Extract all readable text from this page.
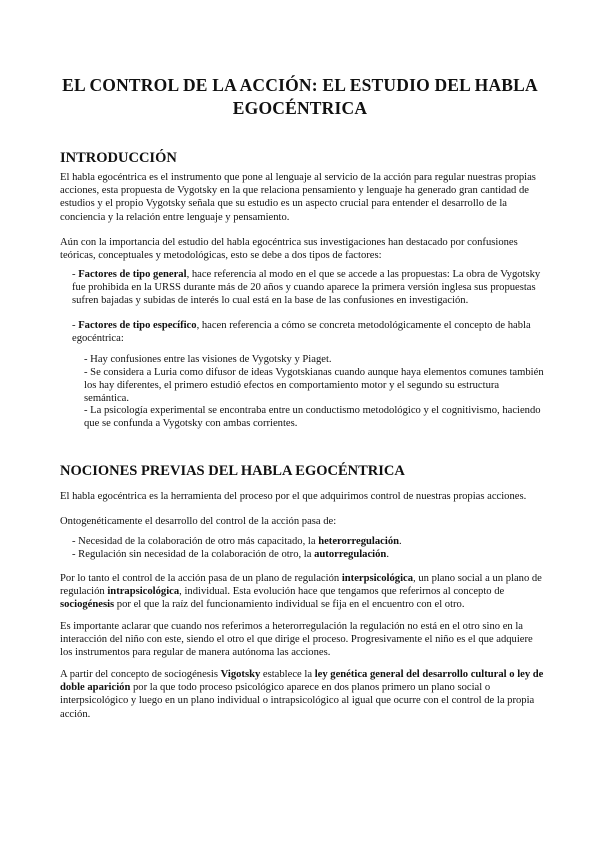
EL CONTROL DE LA ACCIÓN: EL ESTUDIO DEL HABLA EGOCÉNTRICA
INTRODUCCIÓN

El habla egocéntrica es el instrumento que pone al lenguaje al servicio de la acción para regular nuestras propias acciones, esta propuesta de Vygotsky en la que relaciona pensamiento y lenguaje ha generado gran cantidad de estudios y el propio Vygotsky señala que su estudio es un aspecto crucial para entender el desarrollo de la conciencia y la relación entre lenguaje y pensamiento.

Aún con la importancia del estudio del habla egocéntrica sus investigaciones han destacado por confusiones teóricas, conceptuales y metodológicas, esto se debe a dos tipos de factores:

- Factores de tipo general, hace referencia al modo en el que se accede a las propuestas: La obra de Vygotsky fue prohibida en la URSS durante más de 20 años y cuando aparece la primera versión inglesa sus propuestas sufren bajadas y subidas de interés lo cual está en la base de las confusiones en investigación.

- Factores de tipo específico, hacen referencia a cómo se concreta metodológicamente el concepto de habla egocéntrica:

- Hay confusiones entre las visiones de Vygotsky y Piaget.

- Se considera a Luria como difusor de ideas Vygotskianas cuando aunque haya elementos comunes también los hay diferentes, el primero estudió efectos en comportamiento motor y el segundo su estructura semántica.

- La psicología experimental se encontraba entre un conductismo metodológico y el cognitivismo, haciendo que se confunda a Vygotsky con ambas corrientes.

NOCIONES PREVIAS DEL HABLA EGOCÉNTRICA

El habla egocéntrica es la herramienta del proceso por el que adquirimos control de nuestras propias acciones.

Ontogenéticamente el desarrollo del control de la acción pasa de:

- Necesidad de la colaboración de otro más capacitado, la heterorregulación.

- Regulación sin necesidad de la colaboración de otro, la autorregulación.

Por lo tanto el control de la acción pasa de un plano de regulación interpsicológica, un plano social a un plano de regulación intrapsicológica, individual. Esta evolución hace que tengamos que referirnos al concepto de sociogénesis por el que la raíz del funcionamiento individual se fija en el encuentro con el otro.

Es importante aclarar que cuando nos referimos a heterorregulación la regulación no está en el otro sino en la interacción del niño con este, siendo el otro el que dirige el proceso. Progresivamente el niño es el que adquiere los instrumentos para regular de manera autónoma las acciones.

A partir del concepto de sociogénesis Vigotsky establece la ley genética general del desarrollo cultural o ley de doble aparición por la que todo proceso psicológico aparece en dos planos primero un plano social o interpsicológico y luego en un plano individual o intrapsicológico al igual que ocurre con el control de la propia acción.
